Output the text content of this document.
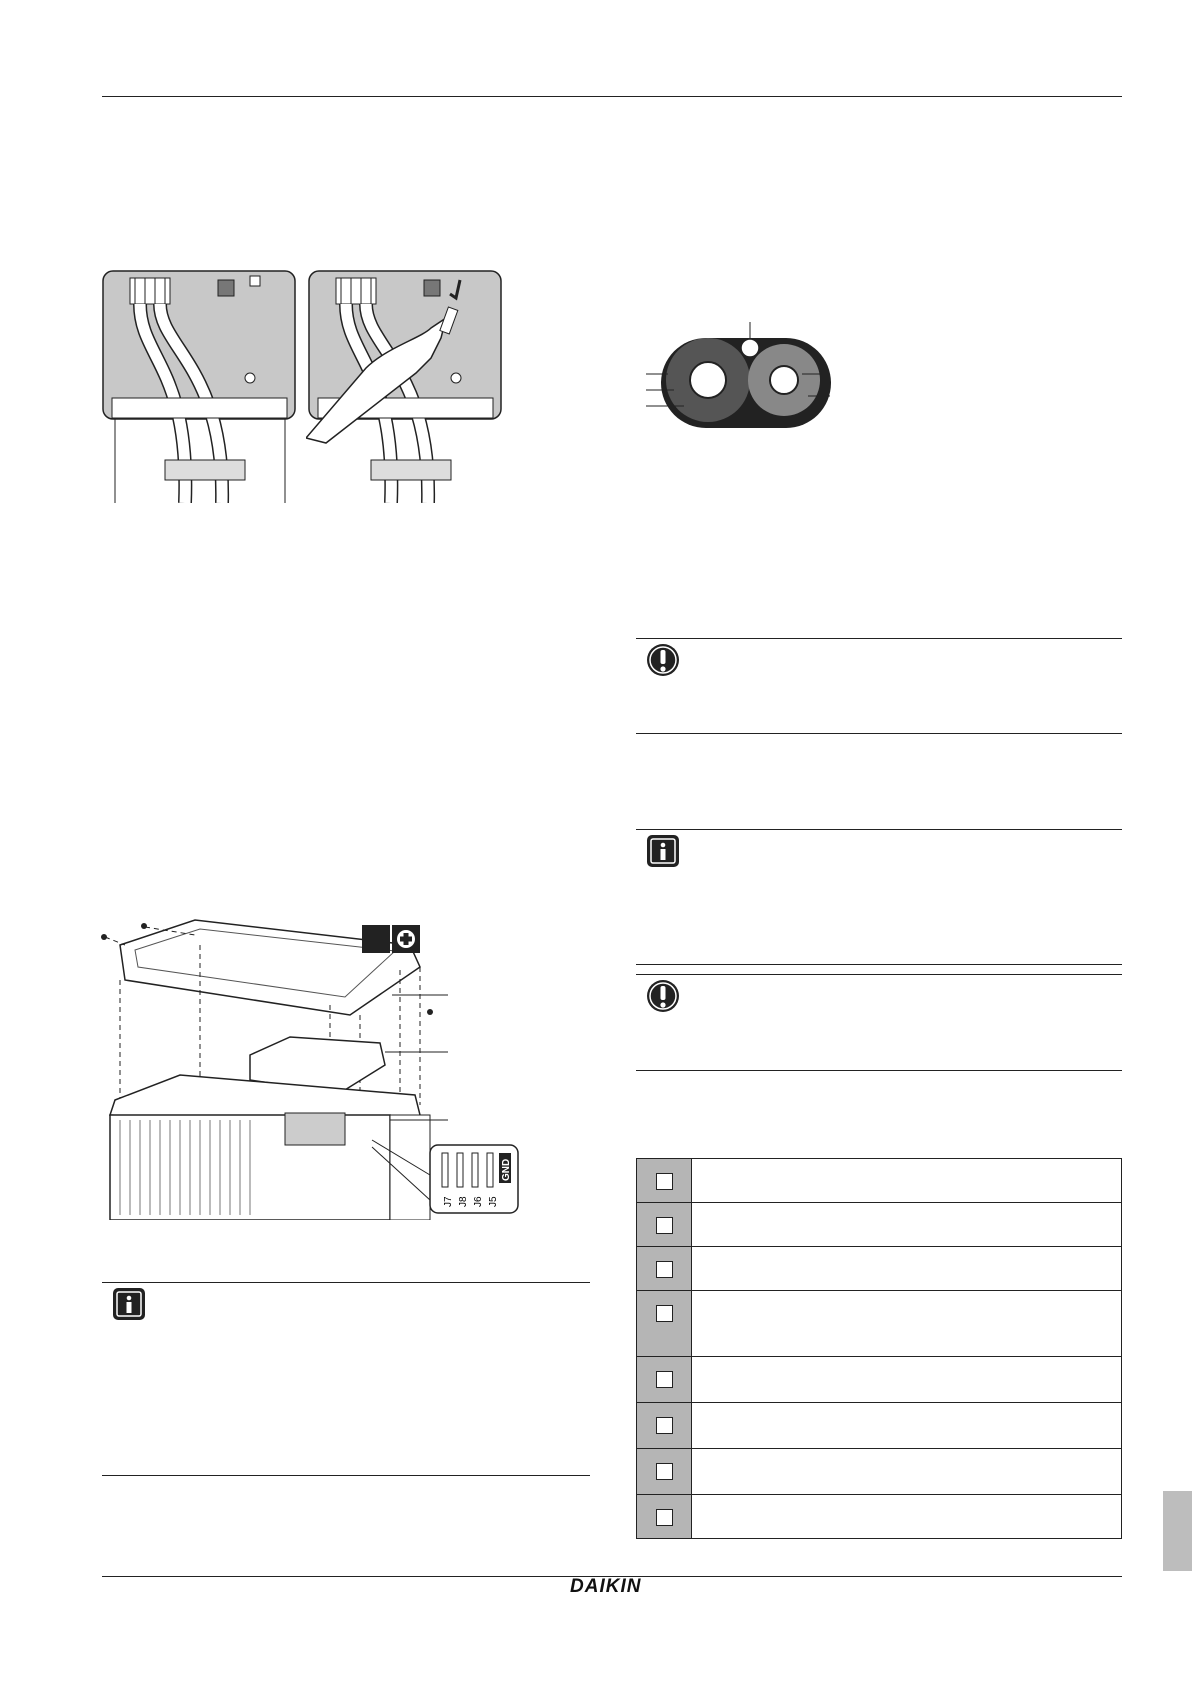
J7 J8 J6 J5
GND

DAIKIN
